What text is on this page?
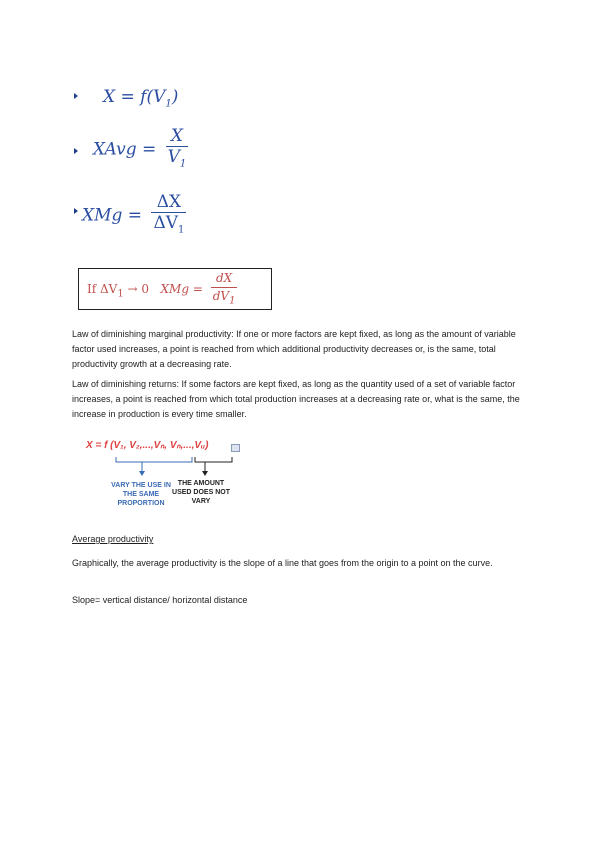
$X = f(V_1)$
XAvg = $\frac{X}{V_1}$
XMg = $\frac{\Delta X}{\Delta V_1}$
If $\Delta V_1 \to 0$ XMg = $\frac{dX}{dV_1}$

Law of diminishing marginal productivity: If one or more factors are kept fixed, as long as the amount of variable factor used increases, a point is reached from which additional productivity decreases or, is the same, total productivity growth at a decreasing rate.

Law of diminishing returns: If some factors are kept fixed, as long as the quantity used of a set of variable factor increases, a point is reached from which total production increases at a decreasing rate or, what is the same, the increase in production is every time smaller.

X = f (V₁, V₂,...,Vₙ, Vₙ,...,Vᵤ)
VARY THE USE IN THE SAME PROPORTION
THE AMOUNT USED DOES NOT VARY
Average productivity

Graphically, the average productivity is the slope of a line that goes from the origin to a point on the curve.

Slope= vertical distance/ horizontal distance
